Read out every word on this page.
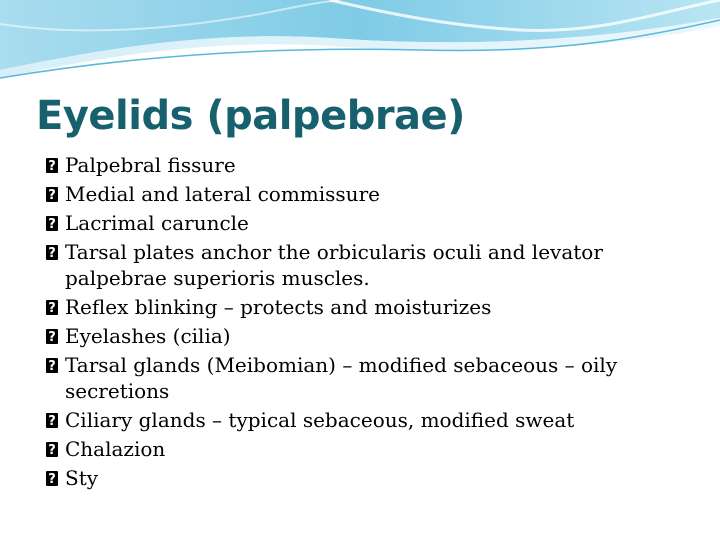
Eyelids (palpebrae)
?
Palpebral fissure
?
Medial and lateral commissure
?
Lacrimal caruncle
?
Tarsal plates anchor the orbicularis oculi and levator palpebrae superioris muscles.
?
Reflex blinking – protects and moisturizes
?
Eyelashes (cilia)
?
Tarsal glands (Meibomian) – modified sebaceous – oily secretions
?
Ciliary glands – typical sebaceous, modified sweat
?
Chalazion
?
Sty
